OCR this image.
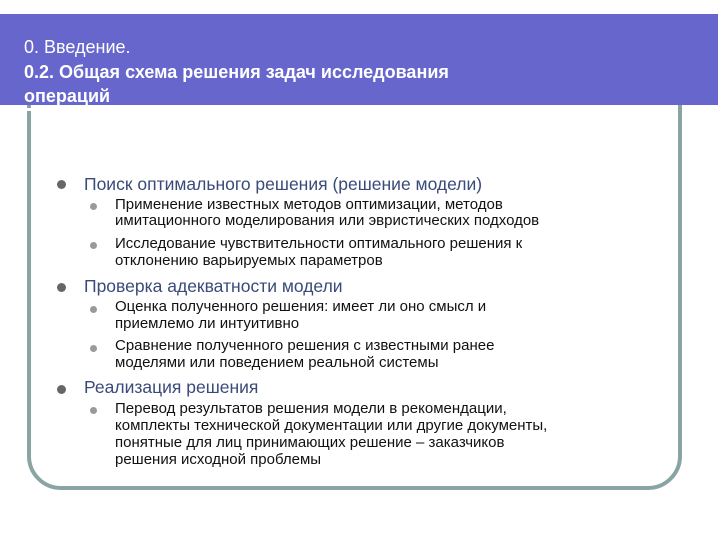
0. Введение.
0.2. Общая схема решения задач исследования
операций
Поиск оптимального решения (решение модели)
Применение известных методов оптимизации, методов
имитационного моделирования или эвристических подходов
Исследование чувствительности оптимального решения к
отклонению варьируемых параметров
Проверка адекватности модели
Оценка полученного решения: имеет ли оно смысл и
приемлемо ли интуитивно
Сравнение полученного решения с известными ранее
моделями или поведением реальной системы
Реализация решения
Перевод результатов решения модели в рекомендации,
комплекты технической документации или другие документы,
понятные для лиц принимающих решение – заказчиков
решения исходной проблемы
